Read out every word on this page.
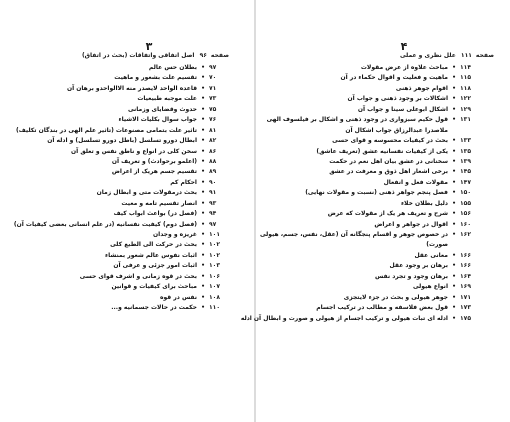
۳
صفحه۹۶ اصل اتفاقی واتفاقات (بحث در اتفاق)
۹۷
•
بطلان حس عالم
۷۰
•
تقسیم علت بشعور و ماهیت
۷۱
•
قاعده الواحد لایصدر منه الاالواحدو برهان آن
۷۳
•
علت موجبه طبیعیات
۷۵
•
حدوث وقضایای وزمانی
۷۶
•
جواب سوال بکلیات الاشیاء
۸۱
•
تاثیر علت بتمامی مصنوعات (تاثیر علم الهی در بندگان تکلیف)
۸۲
•
ابطال دورو تسلسل (باطل دورو تسلسل) و ادله آن
۸۶
•
سخن کلی در انواع و ناطق نفس و تعلق آن
۸۸
•
(اعلمو برحوادث) و تعریف آن
۸۹
•
تقسیم جسم هریک از اعراض
۹۰
•
احکام کم
۹۱
•
بحث درمقولات متی و ابطال زمان
۹۳
•
انصار تقسیم تامه و معیت
۹۴
•
(فصل در) بواعث ابواب کیف
۹۷
•
(فصل دوم) کیفیت نفسانیه (در علم انسانی بعضی کیفیات آن)
۱۰۱
•
غریزه و وجدان
۱۰۲
•
بحث در حرکت الی الطبع کلی
۱۰۲
•
اثبات نفوس عالم شعور بمنشاء
۱۰۳
•
اثبات امور جزئی و عرفی آن
۱۰۶
•
بحث در قوه زمانی و اشرف قوای حسی
۱۰۷
•
مباحث برای کیفیات و قوانین
۱۰۸
•
نفس در قوه
۱۱۰
•
حکمت در حالات جسمانیه و...
۴
صفحه۱۱۱ علل نظری و عملی
۱۱۴
•
مباحث علاوه از عرض مقولات
۱۱۵
•
ماهیت و فعلیت و اقوال حکماء در آن
۱۱۸
•
اقوام جوهر ذهنی
۱۲۲
•
اشکالات بر وجود ذهنی و جواب آن
۱۲۹
•
اشکال ابوعلی سینا و جواب آن
۱۳۱
•
قول حکیم سبزواری در وجود ذهنی و اشکال بر فیلسوف الهی
ملاصدرا عبدالرزاق جواب اشکال آن
۱۳۳
•
بحث در کیفیات محسوسه و قوای حسی
۱۳۵
•
یکی از کیفیات نفسانیه عشق (تعریف عاشق)
۱۳۹
•
سخنانی در عشق بیان اهل نعم در حکمت
۱۴۵
•
برخی اشعار اهل ذوق و معرفت در عشق
۱۴۷
•
مقولات فعل و انفعال
۱۵۰
•
فصل پنجم جواهر ذهنی (نسبت و مقولات نهایی)
۱۵۵
•
دلیل بطلان خلاء
۱۵۶
•
شرح و تعریف هر یک از مقولات که عرض
۱۶۰
•
اقوال در جواهر و اعراض
۱۶۲
•
در خصوص جوهر و اقسام پنجگانه آن (عقل، نفس، جسم، هیولی
صورت)
۱۶۶
•
معانی عقل
۱۶۶
•
برهان بر وجود عقل
۱۶۴
•
برهان وجود و تجرد نفس
۱۶۹
•
انواع هیولی
۱۷۱
•
جوهر هیولی و بحث در جزء لایتجزی
۱۷۳
•
قول بعض فلاسفه و مطالب در ترکیب اجسام
۱۷۵
•
ادله ای تبات هیولی و ترکیب اجسام از هیولی و صورت و ابطال آن ادله
